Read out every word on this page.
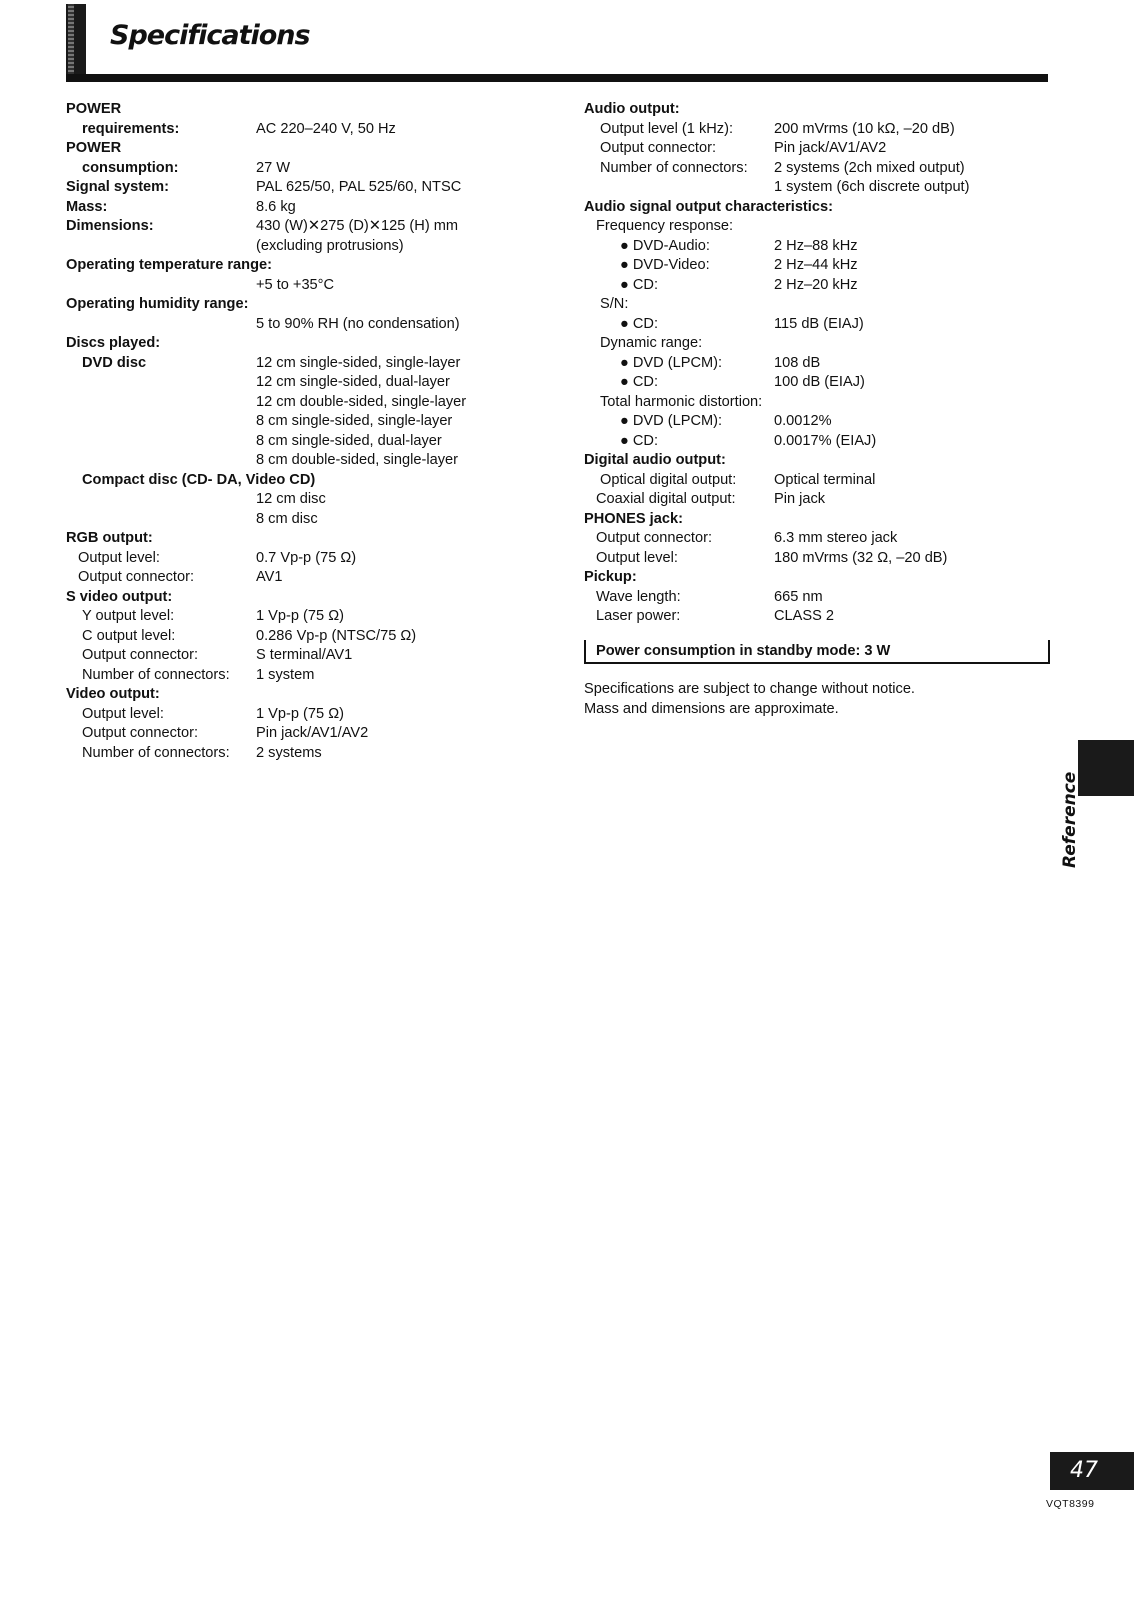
Specifications
POWER
requirements:	AC 220–240 V, 50 Hz
POWER
consumption:	27 W
Signal system:	PAL 625/50, PAL 525/60, NTSC
Mass:	8.6 kg
Dimensions:	430 (W)✕275 (D)✕125 (H) mm
(excluding protrusions)
Operating temperature range:
+5 to +35°C
Operating humidity range:
5 to 90% RH (no condensation)
Discs played:
DVD disc	12 cm single-sided, single-layer
12 cm single-sided, dual-layer
12 cm double-sided, single-layer
8 cm single-sided, single-layer
8 cm single-sided, dual-layer
8 cm double-sided, single-layer
Compact disc (CD- DA, Video CD)
12 cm disc
8 cm disc
RGB output:
Output level:	0.7 Vp-p (75 Ω)
Output connector:	AV1
S video output:
Y output level:	1 Vp-p (75 Ω)
C output level:	0.286 Vp-p (NTSC/75 Ω)
Output connector:	S terminal/AV1
Number of connectors: 1 system
Video output:
Output level:	1 Vp-p (75 Ω)
Output connector:	Pin jack/AV1/AV2
Number of connectors: 2 systems
Audio output:
Output level (1 kHz):	200 mVrms (10 kΩ, –20 dB)
Output connector:	Pin jack/AV1/AV2
Number of connectors: 2 systems (2ch mixed output)
1 system (6ch discrete output)
Audio signal output characteristics:
Frequency response:
● DVD-Audio:	2 Hz–88 kHz
● DVD-Video:	2 Hz–44 kHz
● CD:	2 Hz–20 kHz
S/N:
● CD:	115 dB (EIAJ)
Dynamic range:
● DVD (LPCM):	108 dB
● CD:	100 dB (EIAJ)
Total harmonic distortion:
● DVD (LPCM):	0.0012%
● CD:	0.0017% (EIAJ)
Digital audio output:
Optical digital output:	Optical terminal
Coaxial digital output:	Pin jack
PHONES jack:
Output connector:	6.3 mm stereo jack
Output level:	180 mVrms (32 Ω, –20 dB)
Pickup:
Wave length:	665 nm
Laser power:	CLASS 2
Power consumption in standby mode: 3 W
Specifications are subject to change without notice.
Mass and dimensions are approximate.
Reference
47
VQT8399
